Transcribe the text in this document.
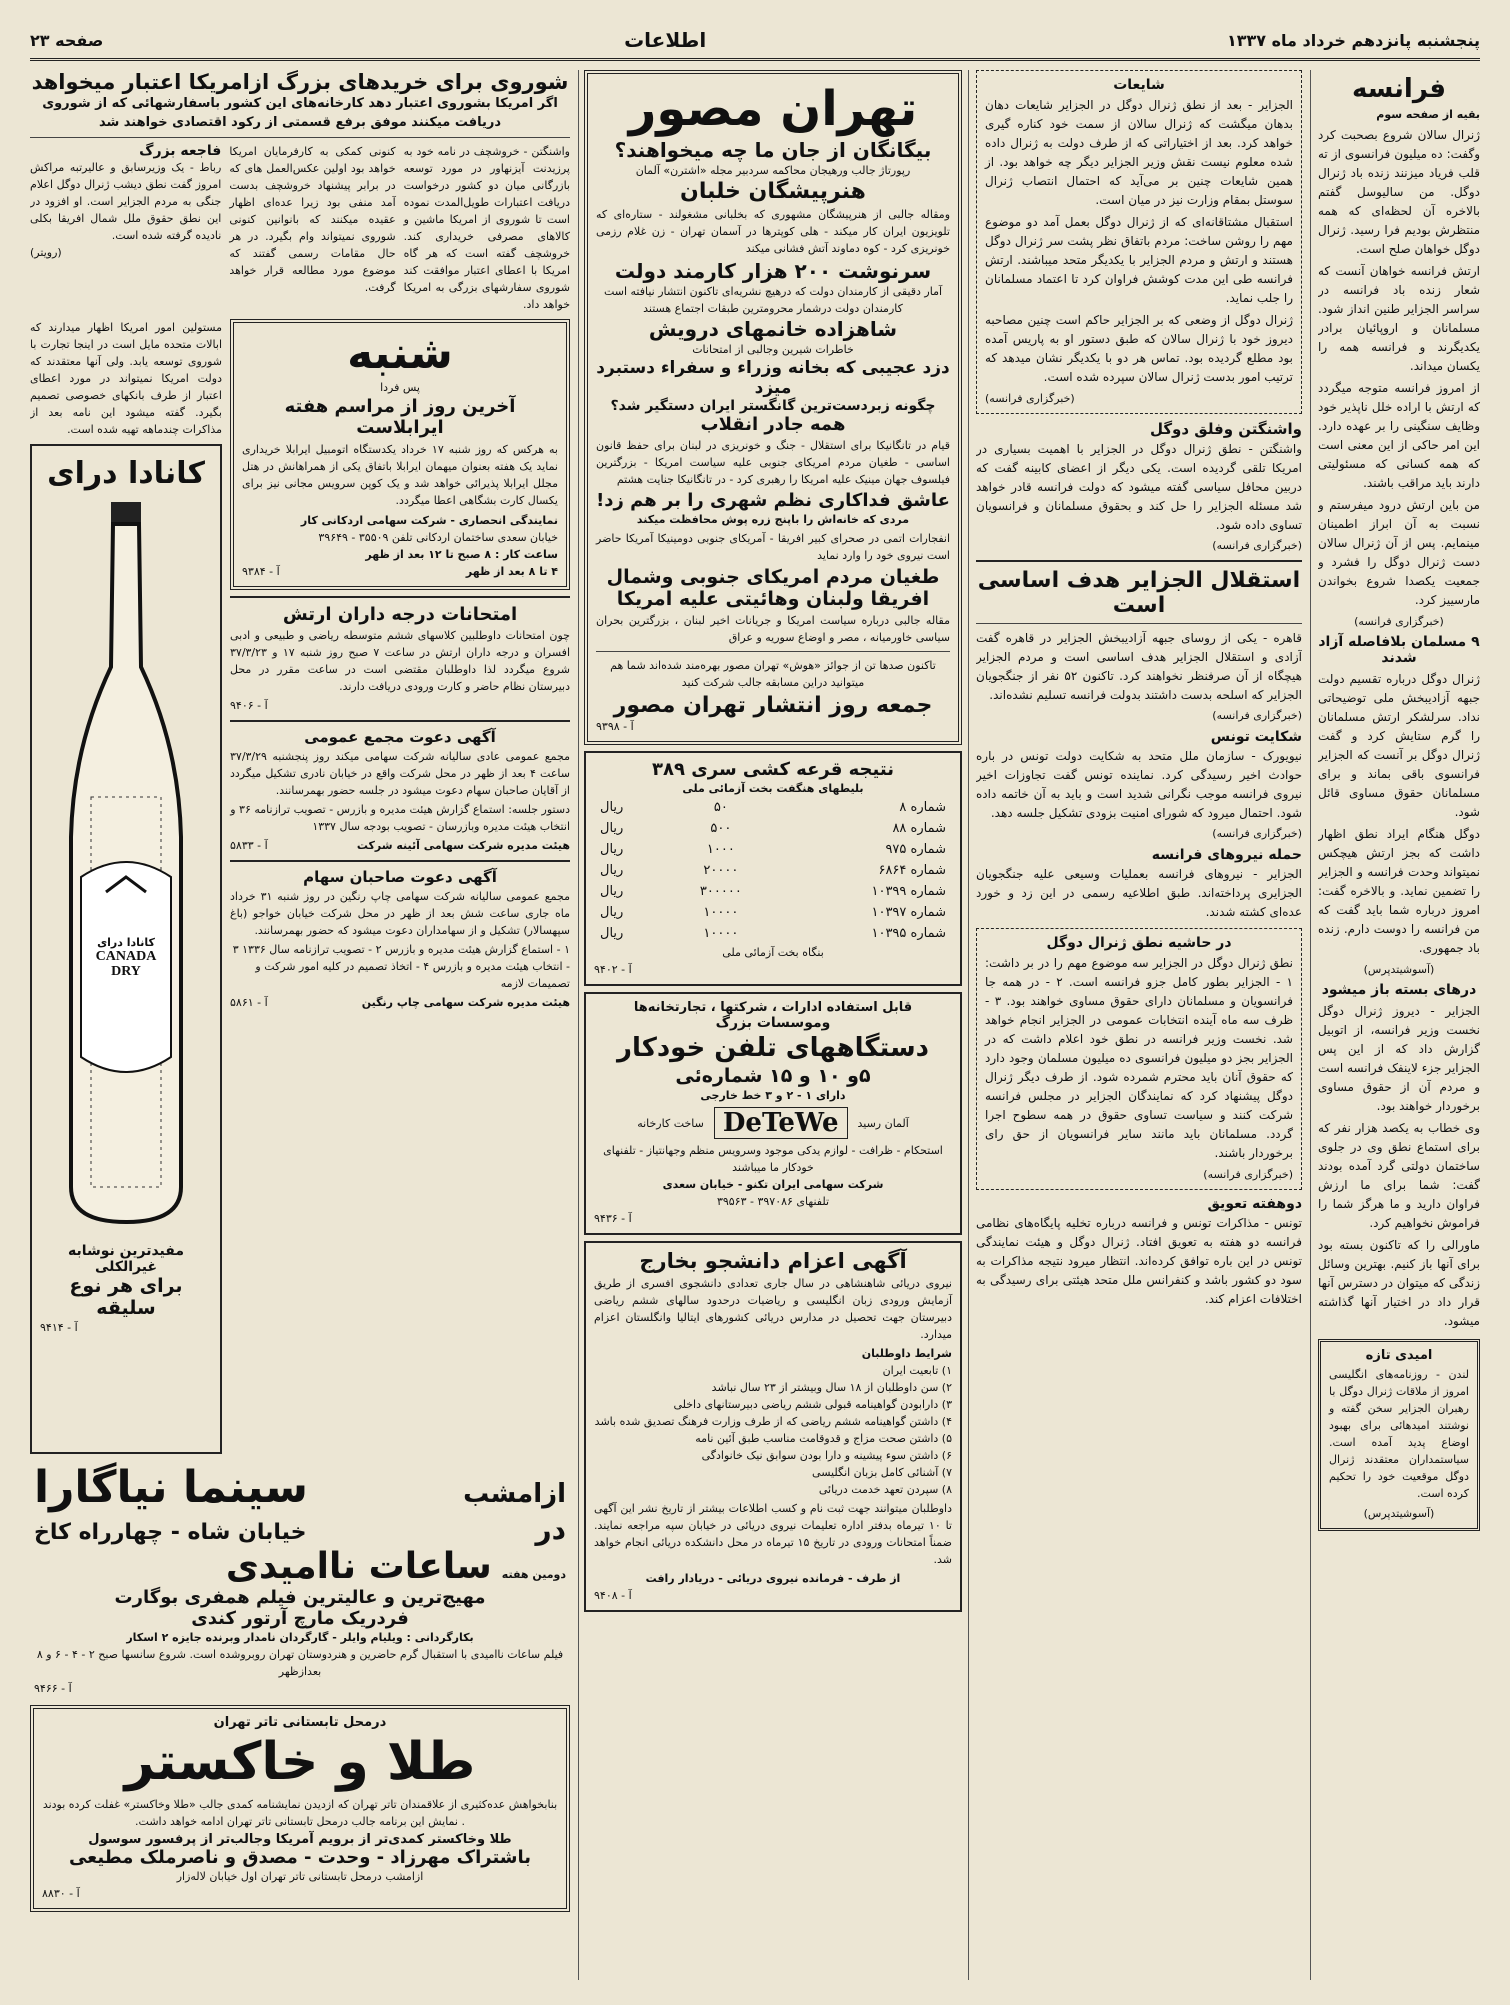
پنجشنبه پانزدهم خرداد ماه ۱۳۳۷
اطلاعات
صفحه ۲۳
فرانسه
بقیه از صفحه سوم

ژنرال سالان شروع بصحبت کرد وگفت: ده میلیون فرانسوی از ته قلب فریاد میزنند زنده باد ژنرال دوگل. من سالیوسل گفتم بالاخره آن لحظه‌ای که همه منتظرش بودیم فرا رسید. ژنرال دوگل خواهان صلح است.

ارتش فرانسه خواهان آنست که شعار زنده باد فرانسه در سراسر الجزایر طنین انداز شود. مسلمانان و اروپائیان برادر یکدیگرند و فرانسه همه را یکسان میداند.

از امروز فرانسه متوجه میگردد که ارتش با اراده خلل ناپذیر خود وظایف سنگینی را بر عهده دارد. این امر حاکی از این معنی است که همه کسانی که مسئولیتی دارند باید مراقب باشند.

من باین ارتش درود میفرستم و نسبت به آن ابراز اطمینان مینمایم. پس از آن ژنرال سالان دست ژنرال دوگل را فشرد و جمعیت یکصدا شروع بخواندن مارسییز کرد.

(خبرگزاری فرانسه)
۹ مسلمان بلافاصله آزاد شدند

ژنرال دوگل درباره تقسیم دولت جبهه آزادیبخش ملی توضیحاتی نداد. سرلشکر ارتش مسلمانان را گرم ستایش کرد و گفت ژنرال دوگل بر آنست که الجزایر فرانسوی باقی بماند و برای مسلمانان حقوق مساوی قائل شود.

دوگل هنگام ایراد نطق اظهار داشت که بجز ارتش هیچکس نمیتواند وحدت فرانسه و الجزایر را تضمین نماید. و بالاخره گفت: امروز درباره شما باید گفت که من فرانسه را دوست دارم. زنده باد جمهوری.

(آسوشیتدپرس)
درهای بسته باز میشود

الجزایر - دیروز ژنرال دوگل نخست وزیر فرانسه، از اتوبیل گزارش داد که از این پس الجزایر جزء لاینفک فرانسه است و مردم آن از حقوق مساوی برخوردار خواهند بود.

وی خطاب به یکصد هزار نفر که برای استماع نطق وی در جلوی ساختمان دولتی گرد آمده بودند گفت: شما برای ما ارزش فراوان دارید و ما هرگز شما را فراموش نخواهیم کرد.

ماورالی را که تاکنون بسته بود برای آنها باز کنیم. بهترین وسائل زندگی که میتوان در دسترس آنها قرار داد در اختیار آنها گذاشته میشود.

امیدی تازه

لندن - روزنامه‌های انگلیسی امروز از ملاقات ژنرال دوگل با رهبران الجزایر سخن گفته و نوشتند امیدهائی برای بهبود اوضاع پدید آمده است. سیاستمداران معتقدند ژنرال دوگل موقعیت خود را تحکیم کرده است.

(آسوشیتدپرس)
شایعات

الجزایر - بعد از نطق ژنرال دوگل در الجزایر شایعات دهان بدهان میگشت که ژنرال سالان از سمت خود کناره گیری خواهد کرد. بعد از اختیاراتی که از طرف دولت به ژنرال داده شده معلوم نیست نقش وزیر الجزایر دیگر چه خواهد بود. از همین شایعات چنین بر می‌آید که احتمال انتصاب ژنرال سوستل بمقام وزارت نیز در میان است.

استقبال مشتاقانه‌ای که از ژنرال دوگل بعمل آمد دو موضوع مهم را روشن ساخت: مردم باتفاق نظر پشت سر ژنرال دوگل هستند و ارتش و مردم الجزایر با یکدیگر متحد میباشند. ارتش فرانسه طی این مدت کوشش فراوان کرد تا اعتماد مسلمانان را جلب نماید.

ژنرال دوگل از وضعی که بر الجزایر حاکم است چنین مصاحبه دیروز خود با ژنرال سالان که طبق دستور او به پاریس آمده بود مطلع گردیده بود. تماس هر دو با یکدیگر نشان میدهد که ترتیب امور بدست ژنرال سالان سپرده شده است.

(خبرگزاری فرانسه)
واشنگتن وفلق دوگل

واشنگتن - نطق ژنرال دوگل در الجزایر با اهمیت بسیاری در امریکا تلقی گردیده است. یکی دیگر از اعضای کابینه گفت که دربین محافل سیاسی گفته میشود که دولت فرانسه قادر خواهد شد مسئله الجزایر را حل کند و بحقوق مسلمانان و فرانسویان تساوی داده شود.

(خبرگزاری فرانسه)
استقلال الجزایر هدف اساسی است

قاهره - یکی از روسای جبهه آزادیبخش الجزایر در قاهره گفت آزادی و استقلال الجزایر هدف اساسی است و مردم الجزایر هیچگاه از آن صرفنظر نخواهند کرد. تاکنون ۵۲ نفر از جنگجویان الجزایر که اسلحه بدست داشتند بدولت فرانسه تسلیم نشده‌اند.

(خبرگزاری فرانسه)
شکایت تونس

نیویورک - سازمان ملل متحد به شکایت دولت تونس در باره حوادث اخیر رسیدگی کرد. نماینده تونس گفت تجاوزات اخیر نیروی فرانسه موجب نگرانی شدید است و باید به آن خاتمه داده شود. احتمال میرود که شورای امنیت بزودی تشکیل جلسه دهد.

(خبرگزاری فرانسه)
حمله نیروهای فرانسه

الجزایر - نیروهای فرانسه بعملیات وسیعی علیه جنگجویان الجزایری پرداخته‌اند. طبق اطلاعیه رسمی در این زد و خورد عده‌ای کشته شدند.

در حاشیه نطق ژنرال دوگل

نطق ژنرال دوگل در الجزایر سه موضوع مهم را در بر داشت: ۱ - الجزایر بطور کامل جزو فرانسه است. ۲ - در همه جا فرانسویان و مسلمانان دارای حقوق مساوی خواهند بود. ۳ - ظرف سه ماه آینده انتخابات عمومی در الجزایر انجام خواهد شد. نخست وزیر فرانسه در نطق خود اعلام داشت که در الجزایر بجز دو میلیون فرانسوی ده میلیون مسلمان وجود دارد که حقوق آنان باید محترم شمرده شود. از طرف دیگر ژنرال دوگل پیشنهاد کرد که نمایندگان الجزایر در مجلس فرانسه شرکت کنند و سیاست تساوی حقوق در همه سطوح اجرا گردد. مسلمانان باید مانند سایر فرانسویان از حق رای برخوردار باشند.

(خبرگزاری فرانسه)
دوهفته تعویق

تونس - مذاکرات تونس و فرانسه درباره تخلیه پایگاه‌های نظامی فرانسه دو هفته به تعویق افتاد. ژنرال دوگل و هیئت نمایندگی تونس در این باره توافق کرده‌اند. انتظار میرود نتیجه مذاکرات به سود دو کشور باشد و کنفرانس ملل متحد هیئتی برای رسیدگی به اختلافات اعزام کند.

تهران مصور
بیگانگان از جان ما چه میخواهند؟
رپورتاژ جالب ورهیجان محاکمه سردبیر مجله «اشترن» آلمان
هنرپیشگان خلبان

ومقاله جالبی از هنرپیشگان مشهوری که بخلبانی مشغولند - ستاره‌ای که تلویزیون ایران کار میکند - هلی کوپترها در آسمان تهران - زن غلام رزمی خونریزی کرد - کوه دماوند آتش فشانی میکند

سرنوشت ۲۰۰ هزار کارمند دولت
آمار دقیقی از کارمندان دولت که درهیچ نشریه‌ای تاکنون انتشار نیافته است
کارمندان دولت درشمار محرومترین طبقات اجتماع هستند
شاهزاده خانمهای درویش
خاطرات شیرین وجالبی از امتحانات
دزد عجیبی که بخانه وزراء و سفراء دستبرد میزد
چگونه زبردست‌ترین گانگستر ایران دستگیر شد؟
همه جادر انقلاب

قیام در تانگانیکا برای استقلال - جنگ و خونریزی در لبنان برای حفظ قانون اساسی - طغیان مردم امریکای جنوبی علیه سیاست امریکا - بزرگترین فیلسوف جهان مینیک علیه امریکا را رهبری کرد - در تانگانیکا جنایت هشتم

عاشق فداکاری نظم شهری را بر هم زد!
مردی که خانه‌اش را باپنج زره پوش محافظت میکند

انفجارات اتمی در صحرای کبیر افریقا - آمریکای جنوبی دومینیکا آمریکا حاضر است نیروی خود را وارد نماید

طغیان مردم امریکای جنوبی وشمال افریقا ولبنان وهائیتی علیه امریکا

مقاله جالبی درباره سیاست امریکا و جریانات اخیر لبنان ، بزرگترین بحران سیاسی خاورمیانه ، مصر و اوضاع سوریه و عراق

تاکنون صدها تن از جوائز «هوش» تهران مصور بهره‌مند شده‌اند شما هم میتوانید دراین مسابقه جالب شرکت کنید

جمعه روز انتشار تهران مصور
آ - ۹۳۹۸
نتیجه قرعه کشی سری ۳۸۹
بلیطهای هنگفت بخت آزمائی ملی
شماره ۸	۵۰	ریال
شماره ۸۸	۵۰۰	ریال
شماره ۹۷۵	۱۰۰۰	ریال
شماره ۶۸۶۴	۲۰۰۰۰	ریال
شماره ۱۰۳۹۹	۳۰۰۰۰۰	ریال
شماره ۱۰۳۹۷	۱۰۰۰۰	ریال
شماره ۱۰۳۹۵	۱۰۰۰۰	ریال
بنگاه بخت آزمائی ملی
آ - ۹۴۰۲
قابل استفاده ادارات ، شرکتها ، تجارتخانه‌ها
وموسسات بزرگ
دستگاههای تلفن خودکار
۵و ۱۰ و ۱۵ شماره‌ئی
دارای ۱ - ۲ و ۳ خط خارجی
آلمان رسید
DeTeWe
ساخت کارخانه
استحکام - ظرافت - لوازم یدکی موجود وسرویس منظم وجهانتیاز - تلفنهای خودکار ما میباشند
شرکت سهامی ایران تکنو - خیابان سعدی
تلفنهای ۳۹۷۰۸۶ - ۳۹۵۶۳
آ - ۹۴۳۶
آگهی اعزام دانشجو بخارج

نیروی دریائی شاهنشاهی در سال جاری تعدادی دانشجوی افسری از طریق آزمایش ورودی زبان انگلیسی و ریاضیات درحدود سالهای ششم ریاضی دبیرستان جهت تحصیل در مدارس دریائی کشورهای ایتالیا وانگلستان اعزام میدارد.

شرایط داوطلبان
۱) تابعیت ایران
۲) سن داوطلبان از ۱۸ سال وبیشتر از ۲۳ سال نباشد
۳) دارابودن گواهینامه قبولی ششم ریاضی دبیرستانهای داخلی
۴) داشتن گواهینامه ششم ریاضی که از طرف وزارت فرهنگ تصدیق شده باشد
۵) داشتن صحت مزاج و قدوقامت مناسب طبق آئین نامه
۶) داشتن سوء پیشینه و دارا بودن سوابق نیک خانوادگی
۷) آشنائی کامل بزبان انگلیسی
۸) سپردن تعهد خدمت دریائی

داوطلبان میتوانند جهت ثبت نام و کسب اطلاعات بیشتر از تاریخ نشر این آگهی تا ۱۰ تیرماه بدفتر اداره تعلیمات نیروی دریائی در خیابان سپه مراجعه نمایند. ضمناً امتحانات ورودی در تاریخ ۱۵ تیرماه در محل دانشکده دریائی انجام خواهد شد.

از طرف - فرمانده نیروی دریائی - دریادار رافت
آ - ۹۴۰۸
شوروی برای خریدهای بزرگ ازامریکا اعتبار میخواهد
اگر امریکا بشوروی اعتبار دهد کارخانه‌های این کشور باسفارشهائی که از شوروی دریافت میکنند موفق برفع قسمتی از رکود اقتصادی خواهند شد

واشنگتن - خروشچف در نامه خود به پرزیدنت آیزنهاور در مورد توسعه بازرگانی میان دو کشور درخواست دریافت اعتبارات طویل‌المدت نموده است تا شوروی از امریکا ماشین و کالاهای مصرفی خریداری کند. خروشچف گفته است که هر گاه امریکا با اعطای اعتبار موافقت کند شوروی سفارشهای بزرگی به امریکا خواهد داد.

کنونی کمکی به کارفرمایان امریکا خواهد بود اولین عکس‌العمل های که در برابر پیشنهاد خروشچف بدست آمد منفی بود زیرا عده‌ای اظهار عقیده میکنند که بانوانین کنونی شوروی نمیتواند وام بگیرد. در هر حال مقامات رسمی گفتند که موضوع مورد مطالعه قرار خواهد گرفت.

فاجعه بزرگ

رباط - یک وزیرسابق و عالیرتبه مراکش امروز گفت نطق دیشب ژنرال دوگل اعلام جنگی به مردم الجزایر است. او افزود در این نطق حقوق ملل شمال افریقا بکلی نادیده گرفته شده است.

(رویتر)
شنبه
پس فردا
آخرین روز از مراسم هفته ایرابلاست

به هرکس که روز شنبه ۱۷ خرداد یکدستگاه اتومبیل ایرابلا خریداری نماید یک هفته بعنوان میهمان ایرابلا باتفاق یکی از همراهانش در هتل مجلل ایرابلا پذیرائی خواهد شد و یک کوپن سرویس مجانی نیز برای یکسال کارت بشگاهی اعطا میگردد.

نمایندگی انحصاری - شرکت سهامی اردکانی کار
خیابان سعدی ساختمان اردکانی تلفن ۳۵۵۰۹ - ۳۹۶۴۹
ساعت کار : ۸ صبح تا ۱۲ بعد از ظهر
۴ تا ۸ بعد از ظهر
آ - ۹۳۸۴
امتحانات درجه داران ارتش

چون امتحانات داوطلبین کلاسهای ششم متوسطه ریاضی و طبیعی و ادبی افسران و درجه داران ارتش در ساعت ۷ صبح روز شنبه ۱۷ و ۳۷/۳/۲۳ شروع میگردد لذا داوطلبان مقتضی است در ساعت مقرر در محل دبیرستان نظام حاضر و کارت ورودی دریافت دارند.

آ - ۹۴۰۶
آگهی دعوت مجمع عمومی

مجمع عمومی عادی سالیانه شرکت سهامی میکند روز پنجشنبه ۳۷/۳/۲۹ ساعت ۴ بعد از ظهر در محل شرکت واقع در خیابان نادری تشکیل میگردد از آقایان صاحبان سهام دعوت میشود در جلسه حضور بهمرسانند.

دستور جلسه: استماع گزارش هیئت مدیره و بازرس - تصویب ترازنامه ۳۶ و انتخاب هیئت مدیره وبازرسان - تصویب بودجه سال ۱۳۳۷

هیئت مدیره شرکت سهامی آئینه شرکت
آ - ۵۸۳۳
آگهی دعوت صاحبان سهام

مجمع عمومی سالیانه شرکت سهامی چاپ رنگین در روز شنبه ۳۱ خرداد ماه جاری ساعت شش بعد از ظهر در محل شرکت خیابان خواجو (باغ سپهسالار) تشکیل و از سهامداران دعوت میشود که حضور بهمرسانند.

۱ - استماع گزارش هیئت مدیره و بازرس ۲ - تصویب ترازنامه سال ۱۳۳۶ ۳ - انتخاب هیئت مدیره و بازرس ۴ - اتخاذ تصمیم در کلیه امور شرکت و تصمیمات لازمه

هیئت مدیره شرکت سهامی چاپ رنگین
آ - ۵۸۶۱

مستولین امور امریکا اظهار میدارند که ابالات متحده مایل است در اینجا تجارت با شوروی توسعه یابد. ولی آنها معتقدند که دولت امریکا نمیتواند در مورد اعطای اعتبار از طرف بانکهای خصوصی تصمیم بگیرد. گفته میشود این نامه بعد از مذاکرات چندماهه تهیه شده است.

کانادا درای
کانادا درای
CANADA DRY
مفیدترین نوشابه غیرالکلی
برای هر نوع سلیقه
آ - ۹۴۱۴
ازامشب
سینما نیاگارا
در
خیابان شاه - چهارراه کاخ
دومین هفته
ساعات ناامیدی
مهیج‌ترین و عالیترین فیلم همفری بوگارت
فردریک مارچ آرتور کندی
بکارگردانی : ویلیام وایلر - گارگردان نامدار وبرنده جایزه ۲ اسکار
فیلم ساعات ناامیدی با استقبال گرم حاضرین و هنردوستان تهران روبروشده است. شروع سانسها صبح ۲ - ۴ - ۶ و ۸ بعدازظهر
آ - ۹۴۶۶
درمحل تابستانی تاتر تهران
طلا و خاکستر

بنابخواهش عده‌کثیری از علاقمندان تاتر تهران که ازدیدن نمایشنامه کمدی جالب «طلا وخاکستر» غفلت کرده بودند . نمایش این برنامه جالب درمحل تابستانی تاتر تهران ادامه خواهد داشت.

طلا وخاکستر کمدی‌تر از برویم آمریکا وجالب‌تر از پرفسور سوسول
باشتراک مهرزاد - وحدت - مصدق و ناصرملک مطیعی
ازامشب درمحل تابستانی تاتر تهران اول خیابان لاله‌زار
آ - ۸۸۳۰
